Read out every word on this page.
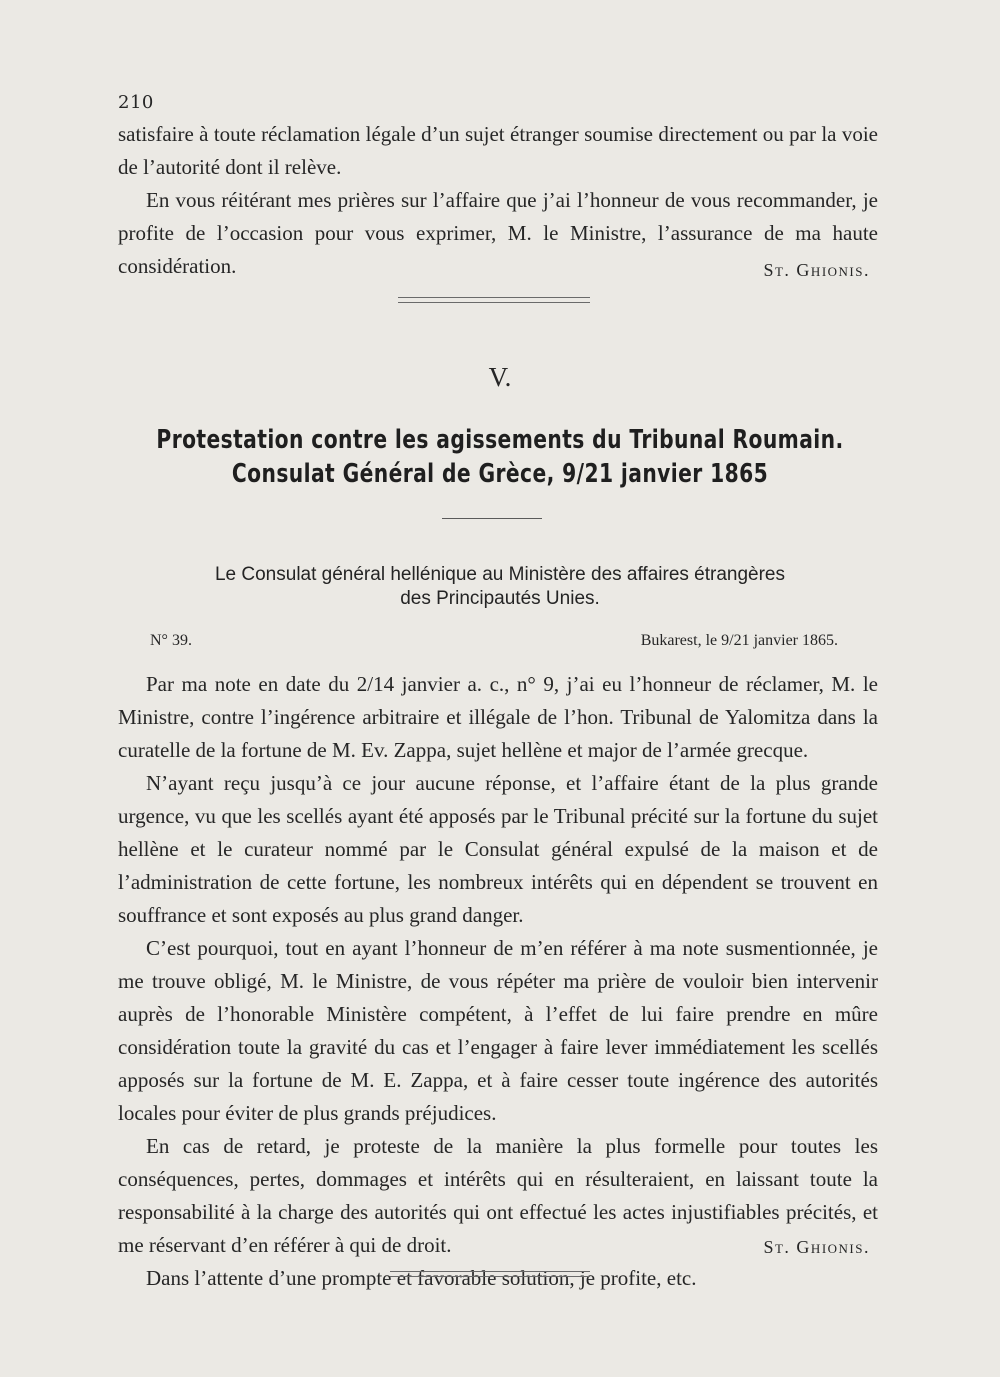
210

satisfaire à toute réclamation légale d’un sujet étranger soumise directement ou par la voie de l’autorité dont il relève.

En vous réitérant mes prières sur l’affaire que j’ai l’honneur de vous recommander, je profite de l’occasion pour vous exprimer, M. le Ministre, l’assurance de ma haute considération.	St. Ghionis.
V.
Protestation contre les agissements du Tribunal Roumain.
Consulat Général de Grèce, 9/21 janvier 1865
Le Consulat général hellénique au Ministère des affaires étrangères
des Principautés Unies.
N° 39.	Bukarest, le 9/21 janvier 1865.

Par ma note en date du 2/14 janvier a. c., n° 9, j’ai eu l’honneur de réclamer, M. le Ministre, contre l’ingérence arbitraire et illégale de l’hon. Tribunal de Yalomitza dans la curatelle de la fortune de M. Ev. Zappa, sujet hellène et major de l’armée grecque.

N’ayant reçu jusqu’à ce jour aucune réponse, et l’affaire étant de la plus grande urgence, vu que les scellés ayant été apposés par le Tribunal précité sur la fortune du sujet hellène et le curateur nommé par le Consulat général expulsé de la maison et de l’administration de cette fortune, les nombreux intérêts qui en dépendent se trouvent en souffrance et sont exposés au plus grand danger.

C’est pourquoi, tout en ayant l’honneur de m’en référer à ma note susmentionnée, je me trouve obligé, M. le Ministre, de vous répéter ma prière de vouloir bien intervenir auprès de l’honorable Ministère compétent, à l’effet de lui faire prendre en mûre considération toute la gravité du cas et l’engager à faire lever immédiatement les scellés apposés sur la fortune de M. E. Zappa, et à faire cesser toute ingérence des autorités locales pour éviter de plus grands préjudices.

En cas de retard, je proteste de la manière la plus formelle pour toutes les conséquences, pertes, dommages et intérêts qui en résulteraient, en laissant toute la responsabilité à la charge des autorités qui ont effectué les actes injustifiables précités, et me réservant d’en référer à qui de droit.

Dans l’attente d’une prompte et favorable solution, je profite, etc.

St. Ghionis.
